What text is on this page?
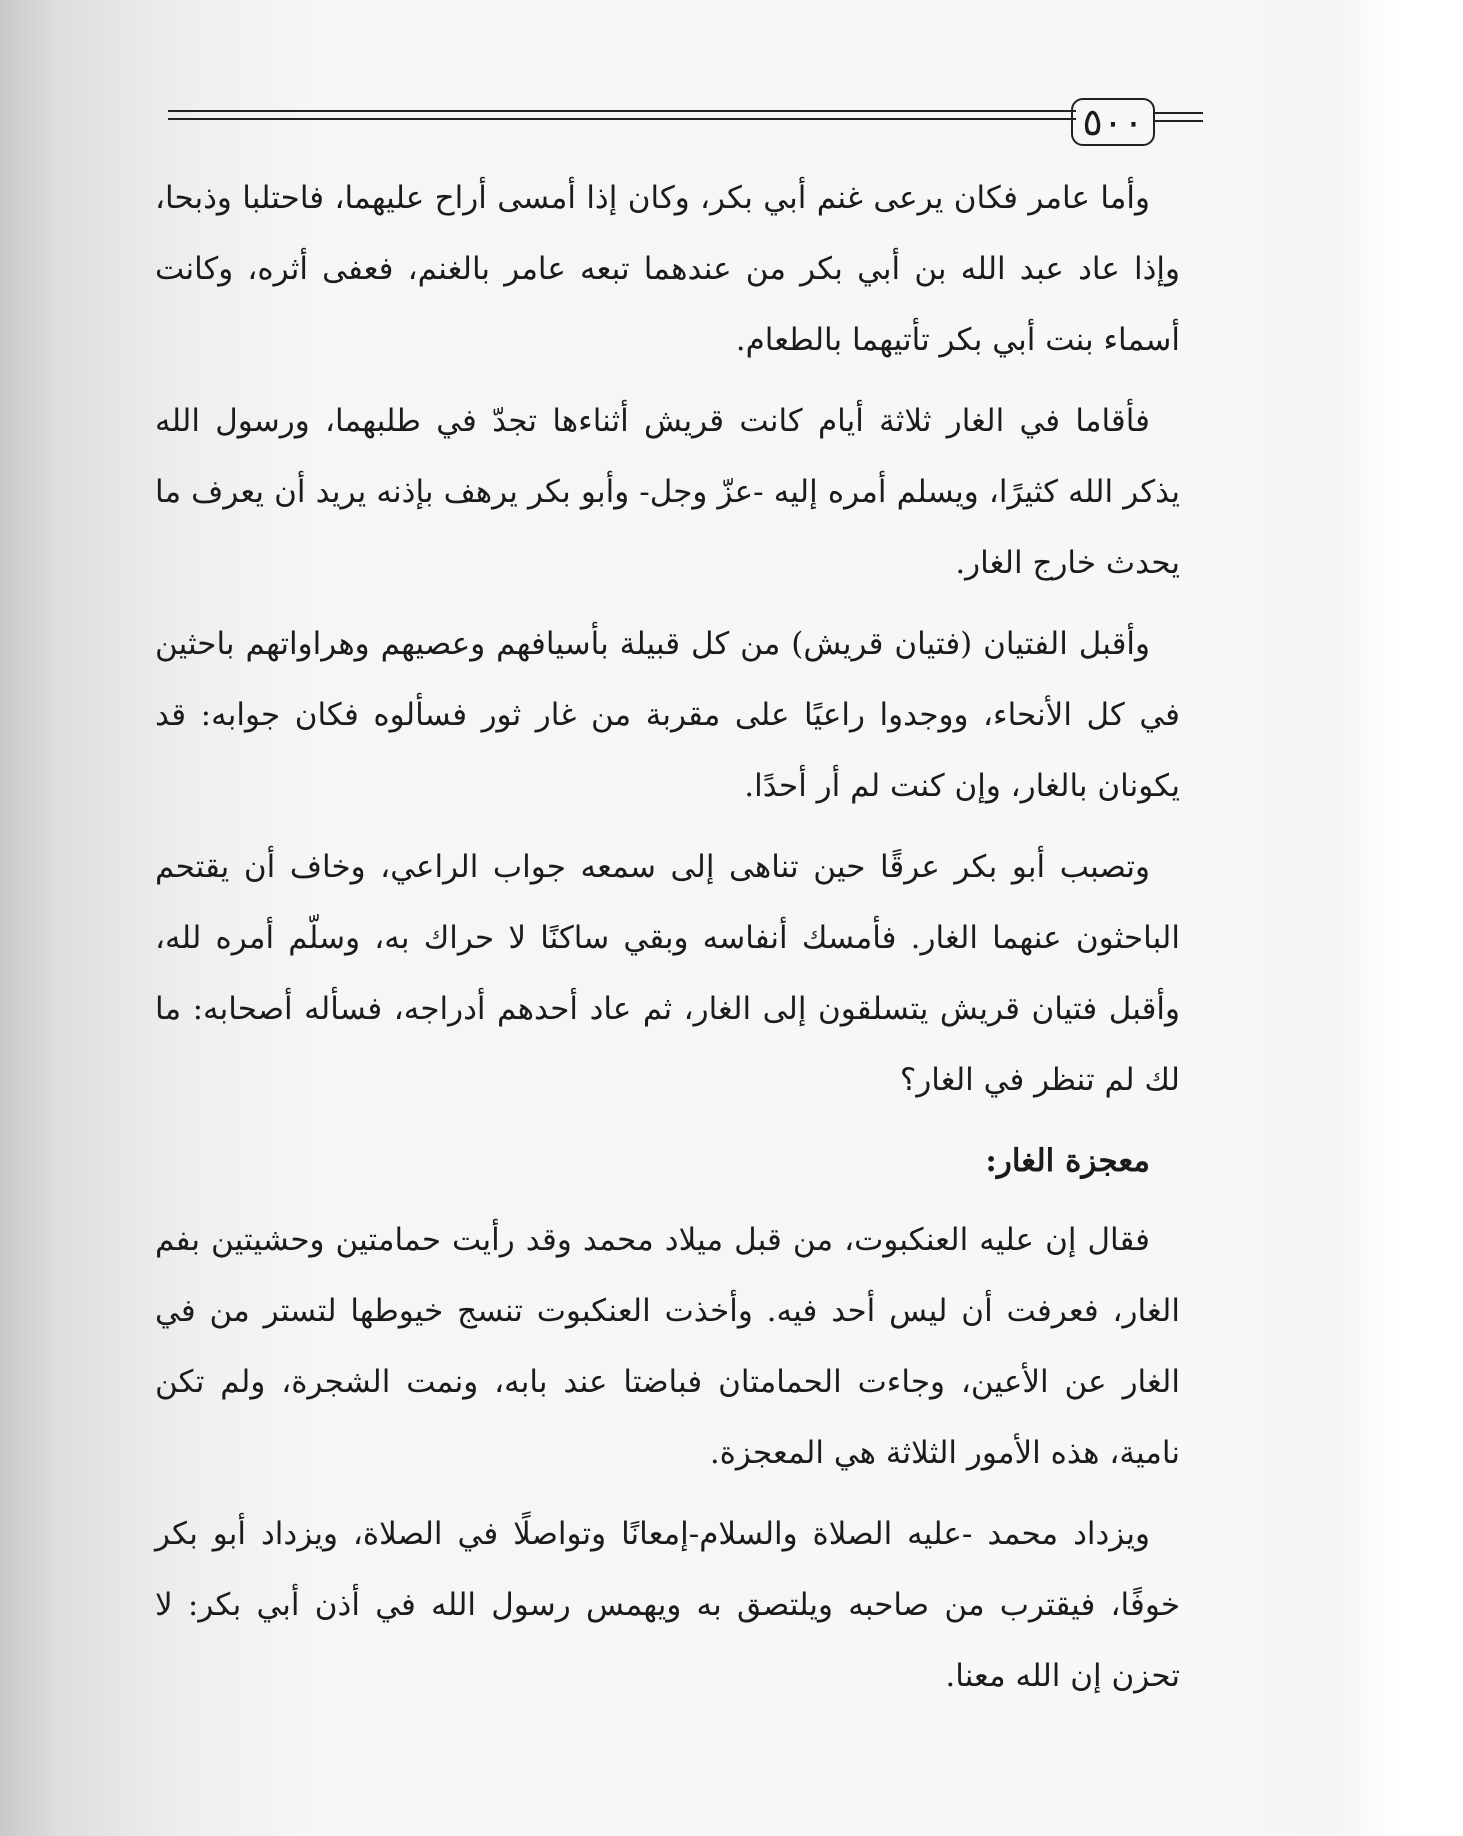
٥٠٠

وأما عامر فكان يرعى غنم أبي بكر، وكان إذا أمسى أراح عليهما، فاحتلبا وذبحا، وإذا عاد عبد الله بن أبي بكر من عندهما تبعه عامر بالغنم، فعفى أثره، وكانت أسماء بنت أبي بكر تأتيهما بالطعام.

فأقاما في الغار ثلاثة أيام كانت قريش أثناءها تجدّ في طلبهما، ورسول الله يذكر الله كثيرًا، ويسلم أمره إليه -عزّ وجل- وأبو بكر يرهف بإذنه يريد أن يعرف ما يحدث خارج الغار.

وأقبل الفتيان (فتيان قريش) من كل قبيلة بأسيافهم وعصيهم وهراواتهم باحثين في كل الأنحاء، ووجدوا راعيًا على مقربة من غار ثور فسألوه فكان جوابه: قد يكونان بالغار، وإن كنت لم أر أحدًا.

وتصبب أبو بكر عرقًا حين تناهى إلى سمعه جواب الراعي، وخاف أن يقتحم الباحثون عنهما الغار. فأمسك أنفاسه وبقي ساكنًا لا حراك به، وسلّم أمره لله، وأقبل فتيان قريش يتسلقون إلى الغار، ثم عاد أحدهم أدراجه، فسأله أصحابه: ما لك لم تنظر في الغار؟

معجزة الغار:

فقال إن عليه العنكبوت، من قبل ميلاد محمد وقد رأيت حمامتين وحشيتين بفم الغار، فعرفت أن ليس أحد فيه. وأخذت العنكبوت تنسج خيوطها لتستر من في الغار عن الأعين، وجاءت الحمامتان فباضتا عند بابه، ونمت الشجرة، ولم تكن نامية، هذه الأمور الثلاثة هي المعجزة.

ويزداد محمد -عليه الصلاة والسلام-إمعانًا وتواصلًا في الصلاة، ويزداد أبو بكر خوفًا، فيقترب من صاحبه ويلتصق به ويهمس رسول الله في أذن أبي بكر: لا تحزن إن الله معنا.
